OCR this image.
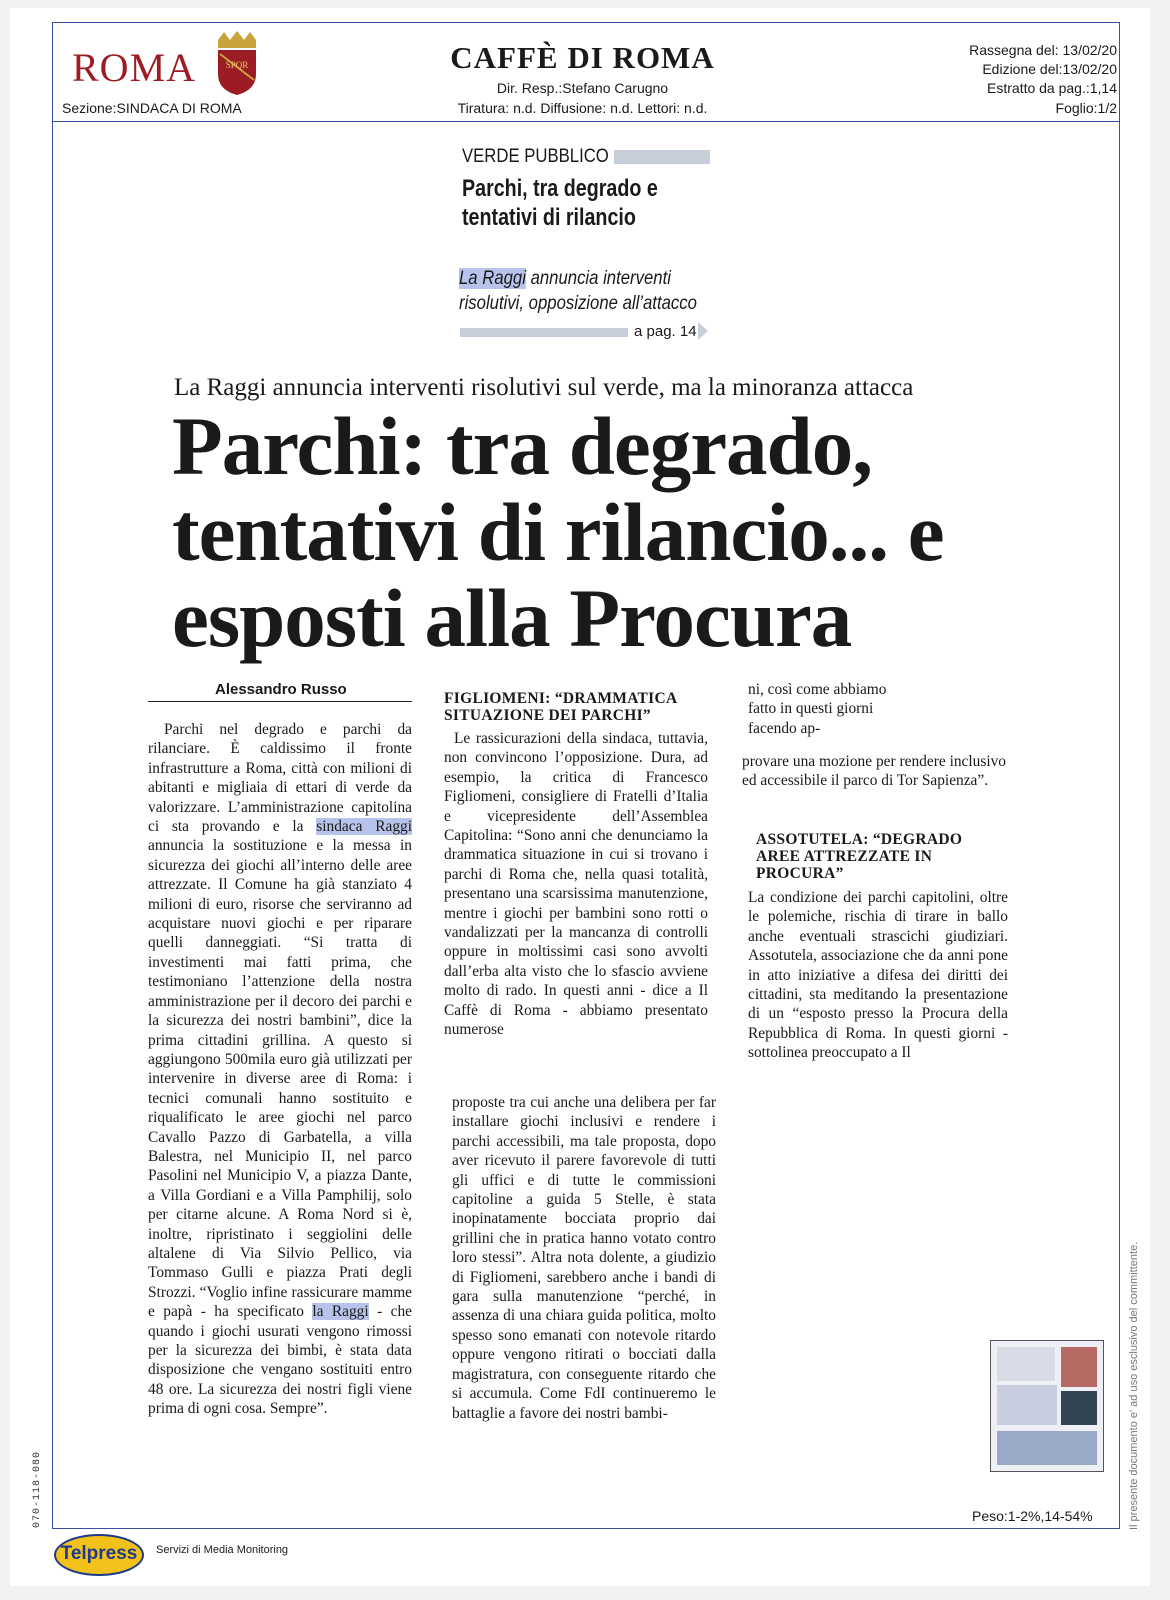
ROMA	SPQR
Sezione:SINDACA DI ROMA
CAFFÈ DI ROMA
Dir. Resp.:Stefano Carugno
Tiratura: n.d. Diffusione: n.d. Lettori: n.d.
Rassegna del: 13/02/20
Edizione del:13/02/20
Estratto da pag.:1,14
Foglio:1/2
VERDE PUBBLICO
Parchi, tra degrado e
tentativi di rilancio
La Raggi annuncia interventi
risolutivi, opposizione all’attacco
a pag. 14
La Raggi annuncia interventi risolutivi sul verde, ma la minoranza attacca
Parchi: tra degrado,
tentativi di rilancio... e
esposti alla Procura
Alessandro Russo

Parchi nel degrado e parchi da rilanciare. È caldissimo il fronte infrastrutture a Roma, città con milioni di abitanti e migliaia di ettari di verde da valorizzare. L’amministrazione capitolina ci sta provando e la sindaca Raggi annuncia la sostituzione e la messa in sicurezza dei giochi all’interno delle aree attrezzate. Il Comune ha già stanziato 4 milioni di euro, risorse che serviranno ad acquistare nuovi giochi e per riparare quelli danneggiati. “Si tratta di investimenti mai fatti prima, che testimoniano l’attenzione della nostra amministrazione per il decoro dei parchi e la sicurezza dei nostri bambini”, dice la prima cittadini grillina. A questo si aggiungono 500mila euro già utilizzati per intervenire in diverse aree di Roma: i tecnici comunali hanno sostituito e riqualificato le aree giochi nel parco Cavallo Pazzo di Garbatella, a villa Balestra, nel Municipio II, nel parco Pasolini nel Municipio V, a piazza Dante, a Villa Gordiani e a Villa Pamphilij, solo per citarne alcune. A Roma Nord si è, inoltre, ripristinato i seggiolini delle altalene di Via Silvio Pellico, via Tommaso Gulli e piazza Prati degli Strozzi. “Voglio infine rassicurare mamme e papà - ha specificato la Raggi - che quando i giochi usurati vengono rimossi per la sicurezza dei bimbi, è stata data disposizione che vengano sostituiti entro 48 ore. La sicurezza dei nostri figli viene prima di ogni cosa. Sempre”.

FIGLIOMENI: “DRAMMATICA SITUAZIONE DEI PARCHI”

Le rassicurazioni della sindaca, tuttavia, non convincono l’opposizione. Dura, ad esempio, la critica di Francesco Figliomeni, consigliere di Fratelli d’Italia e vicepresidente dell’Assemblea Capitolina: “Sono anni che denunciamo la drammatica situazione in cui si trovano i parchi di Roma che, nella quasi totalità, presentano una scarsissima manutenzione, mentre i giochi per bambini sono rotti o vandalizzati per la mancanza di controlli oppure in moltissimi casi sono avvolti dall’erba alta visto che lo sfascio avviene molto di rado. In questi anni - dice a Il Caffè di Roma - abbiamo presentato numerose

proposte tra cui anche una delibera per far installare giochi inclusivi e rendere i parchi accessibili, ma tale proposta, dopo aver ricevuto il parere favorevole di tutti gli uffici e di tutte le commissioni capitoline a guida 5 Stelle, è stata inopinatamente bocciata proprio dai grillini che in pratica hanno votato contro loro stessi”. Altra nota dolente, a giudizio di Figliomeni, sarebbero anche i bandi di gara sulla manutenzione “perché, in assenza di una chiara guida politica, molto spesso sono emanati con notevole ritardo oppure vengono ritirati o bocciati dalla magistratura, con conseguente ritardo che si accumula. Come FdI continueremo le battaglie a favore dei nostri bambi-

ni, così come abbiamo fatto in questi giorni facendo ap-

provare una mozione per rendere inclusivo ed accessibile il parco di Tor Sapienza”.

ASSOTUTELA: “DEGRADO AREE ATTREZZATE IN PROCURA”

La condizione dei parchi capitolini, oltre le polemiche, rischia di tirare in ballo anche eventuali strascichi giudiziari. Assotutela, associazione che da anni pone in atto iniziative a difesa dei diritti dei cittadini, sta meditando la presentazione di un “esposto presso la Procura della Repubblica di Roma. In questi giorni - sottolinea preoccupato a Il

Peso:1-2%,14-54%	Il presente documento e' ad uso esclusivo del committente.
070-118-080
Telpress	Servizi di Media Monitoring
